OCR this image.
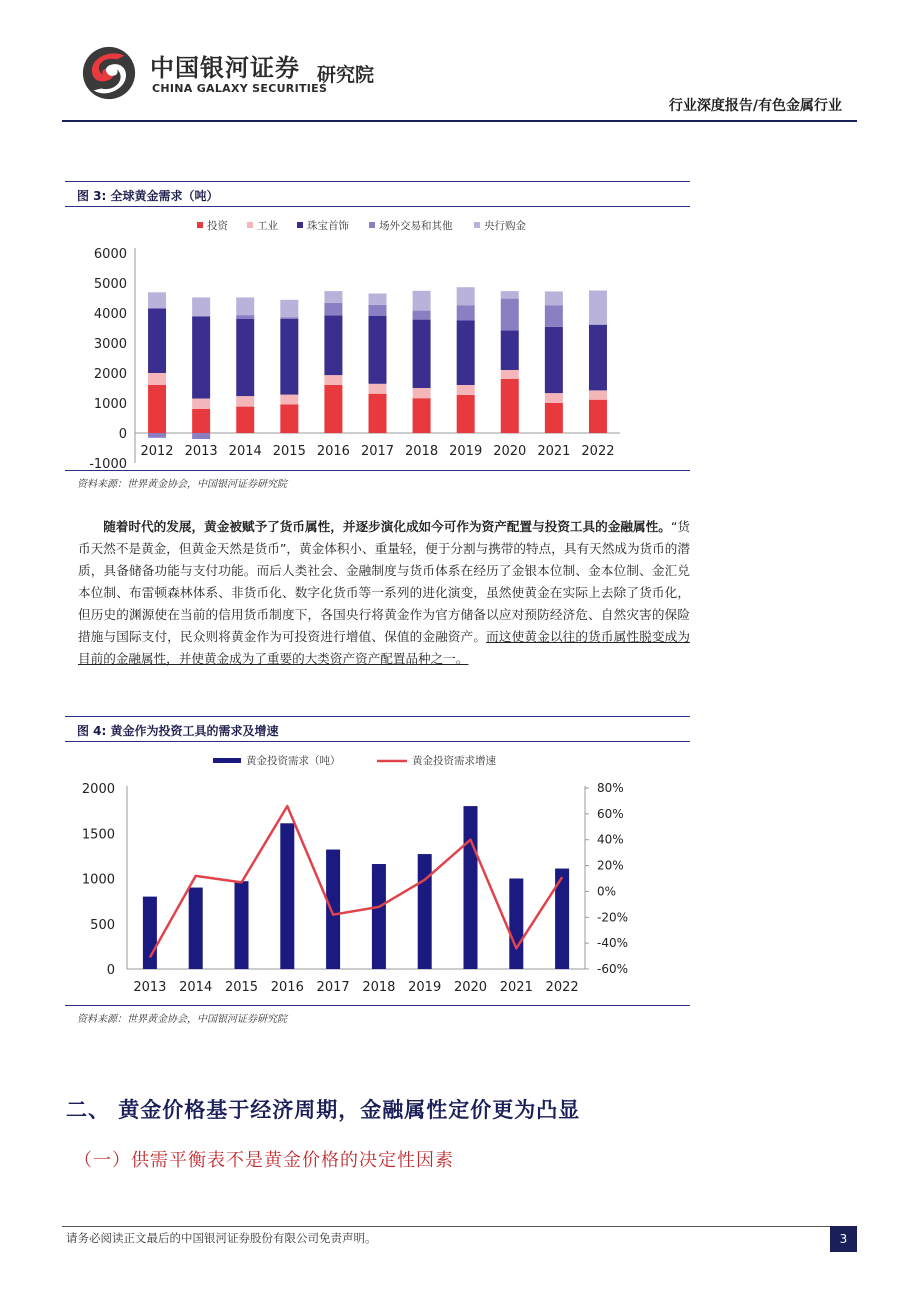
中国银河证券
CHINA GALAXY SECURITIES
研究院
行业深度报告/有色金属行业
图 3: 全球黄金需求（吨）
投资	工业	珠宝首饰	场外交易和其他	央行购金
-1000
0
1000
2000
3000
4000
5000
6000
2012 2013 2014 2015 2016 2017 2018 2019 2020 2021 2022
资料来源：世界黄金协会，中国银河证券研究院
随着时代的发展，黄金被赋予了货币属性，并逐步演化成如今可作为资产配置与投资工具的金融属性。“货币天然不是黄金，但黄金天然是货币”，黄金体积小、重量轻，便于分割与携带的特点，具有天然成为货币的潜质，具备储备功能与支付功能。而后人类社会、金融制度与货币体系在经历了金银本位制、金本位制、金汇兑本位制、布雷顿森林体系、非货币化、数字化货币等一系列的进化演变，虽然使黄金在实际上去除了货币化，但历史的渊源使在当前的信用货币制度下，各国央行将黄金作为官方储备以应对预防经济危、自然灾害的保险措施与国际支付，民众则将黄金作为可投资进行增值、保值的金融资产。而这使黄金以往的货币属性脱变成为目前的金融属性，并使黄金成为了重要的大类资产资产配置品种之一。
图 4: 黄金作为投资工具的需求及增速
黄金投资需求（吨）	黄金投资需求增速
0
500
1000
1500
2000
-60%
-40%
-20%
0%
20%
40%
60%
80%
2013 2014 2015 2016 2017 2018 2019 2020 2021 2022
资料来源：世界黄金协会，中国银河证券研究院
二、 黄金价格基于经济周期，金融属性定价更为凸显
（一）供需平衡表不是黄金价格的决定性因素
请务必阅读正文最后的中国银河证券股份有限公司免责声明。	3
